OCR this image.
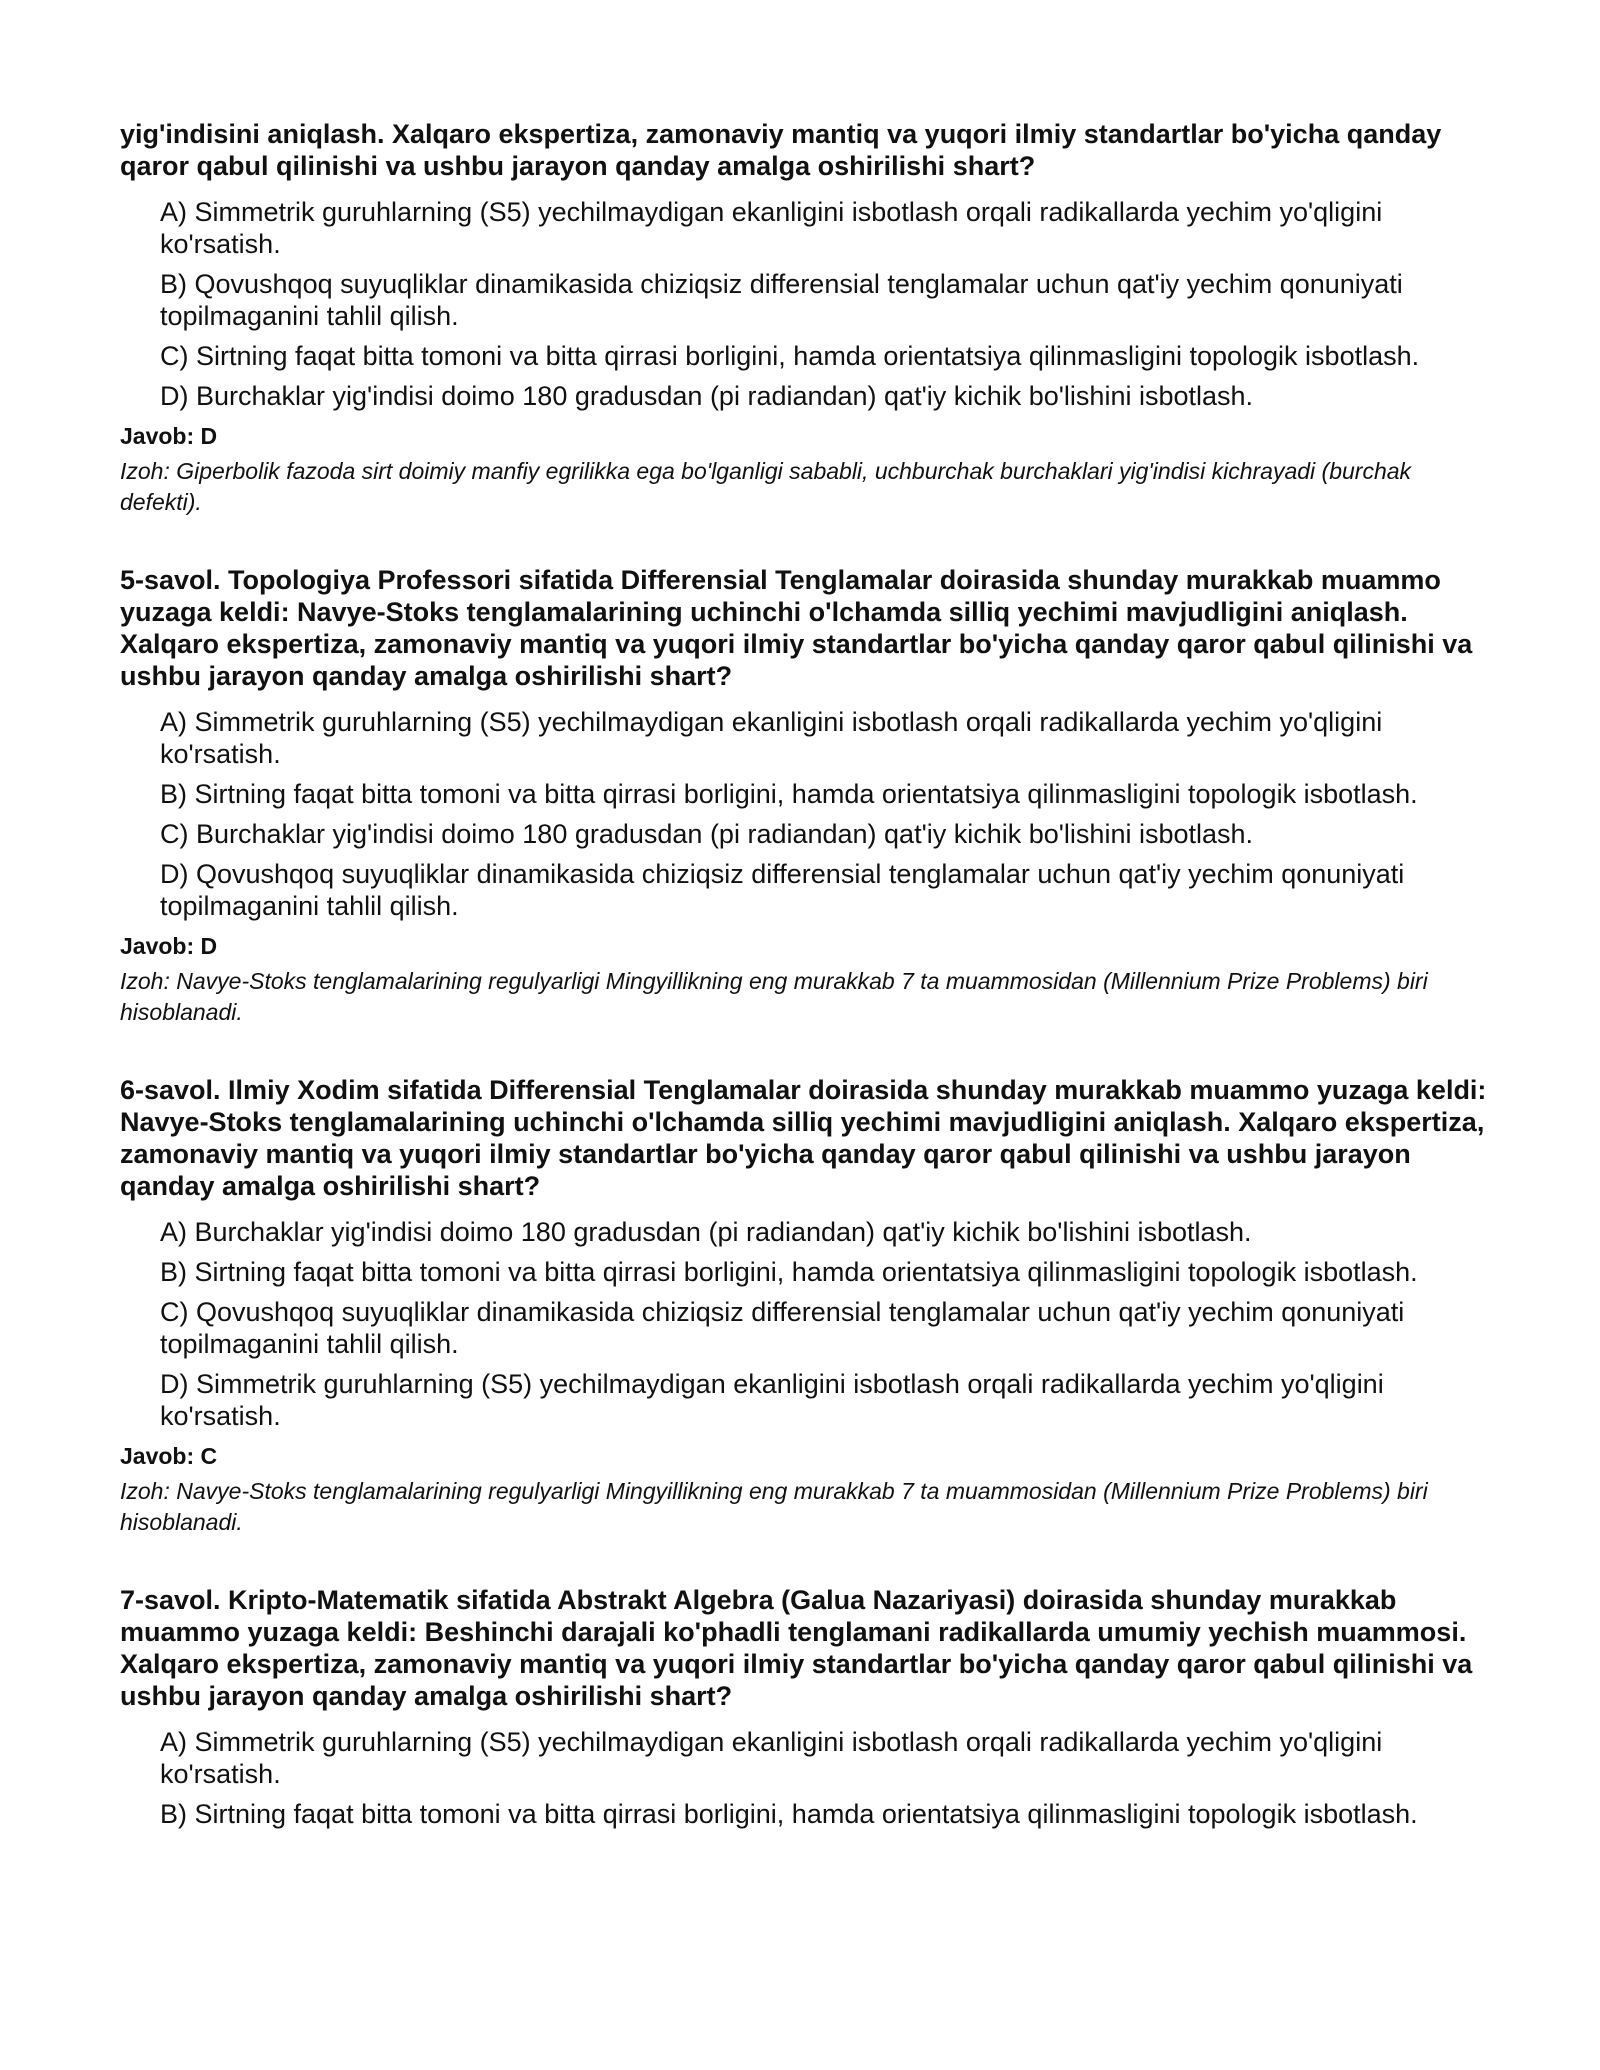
yig'indisini aniqlash. Xalqaro ekspertiza, zamonaviy mantiq va yuqori ilmiy standartlar bo'yicha qanday qaror qabul qilinishi va ushbu jarayon qanday amalga oshirilishi shart?

A) Simmetrik guruhlarning (S5) yechilmaydigan ekanligini isbotlash orqali radikallarda yechim yo'qligini ko'rsatish.

B) Qovushqoq suyuqliklar dinamikasida chiziqsiz differensial tenglamalar uchun qat'iy yechim qonuniyati topilmaganini tahlil qilish.

C) Sirtning faqat bitta tomoni va bitta qirrasi borligini, hamda orientatsiya qilinmasligini topologik isbotlash.

D) Burchaklar yig'indisi doimo 180 gradusdan (pi radiandan) qat'iy kichik bo'lishini isbotlash.

Javob: D

Izoh: Giperbolik fazoda sirt doimiy manfiy egrilikka ega bo'lganligi sababli, uchburchak burchaklari yig'indisi kichrayadi (burchak defekti).

5-savol. Topologiya Professori sifatida Differensial Tenglamalar doirasida shunday murakkab muammo yuzaga keldi: Navye-Stoks tenglamalarining uchinchi o'lchamda silliq yechimi mavjudligini aniqlash. Xalqaro ekspertiza, zamonaviy mantiq va yuqori ilmiy standartlar bo'yicha qanday qaror qabul qilinishi va ushbu jarayon qanday amalga oshirilishi shart?

A) Simmetrik guruhlarning (S5) yechilmaydigan ekanligini isbotlash orqali radikallarda yechim yo'qligini ko'rsatish.

B) Sirtning faqat bitta tomoni va bitta qirrasi borligini, hamda orientatsiya qilinmasligini topologik isbotlash.

C) Burchaklar yig'indisi doimo 180 gradusdan (pi radiandan) qat'iy kichik bo'lishini isbotlash.

D) Qovushqoq suyuqliklar dinamikasida chiziqsiz differensial tenglamalar uchun qat'iy yechim qonuniyati topilmaganini tahlil qilish.

Javob: D

Izoh: Navye-Stoks tenglamalarining regulyarligi Mingyillikning eng murakkab 7 ta muammosidan (Millennium Prize Problems) biri hisoblanadi.

6-savol. Ilmiy Xodim sifatida Differensial Tenglamalar doirasida shunday murakkab muammo yuzaga keldi: Navye-Stoks tenglamalarining uchinchi o'lchamda silliq yechimi mavjudligini aniqlash. Xalqaro ekspertiza, zamonaviy mantiq va yuqori ilmiy standartlar bo'yicha qanday qaror qabul qilinishi va ushbu jarayon qanday amalga oshirilishi shart?

A) Burchaklar yig'indisi doimo 180 gradusdan (pi radiandan) qat'iy kichik bo'lishini isbotlash.

B) Sirtning faqat bitta tomoni va bitta qirrasi borligini, hamda orientatsiya qilinmasligini topologik isbotlash.

C) Qovushqoq suyuqliklar dinamikasida chiziqsiz differensial tenglamalar uchun qat'iy yechim qonuniyati topilmaganini tahlil qilish.

D) Simmetrik guruhlarning (S5) yechilmaydigan ekanligini isbotlash orqali radikallarda yechim yo'qligini ko'rsatish.

Javob: C

Izoh: Navye-Stoks tenglamalarining regulyarligi Mingyillikning eng murakkab 7 ta muammosidan (Millennium Prize Problems) biri hisoblanadi.

7-savol. Kripto-Matematik sifatida Abstrakt Algebra (Galua Nazariyasi) doirasida shunday murakkab muammo yuzaga keldi: Beshinchi darajali ko'phadli tenglamani radikallarda umumiy yechish muammosi. Xalqaro ekspertiza, zamonaviy mantiq va yuqori ilmiy standartlar bo'yicha qanday qaror qabul qilinishi va ushbu jarayon qanday amalga oshirilishi shart?

A) Simmetrik guruhlarning (S5) yechilmaydigan ekanligini isbotlash orqali radikallarda yechim yo'qligini ko'rsatish.

B) Sirtning faqat bitta tomoni va bitta qirrasi borligini, hamda orientatsiya qilinmasligini topologik isbotlash.
